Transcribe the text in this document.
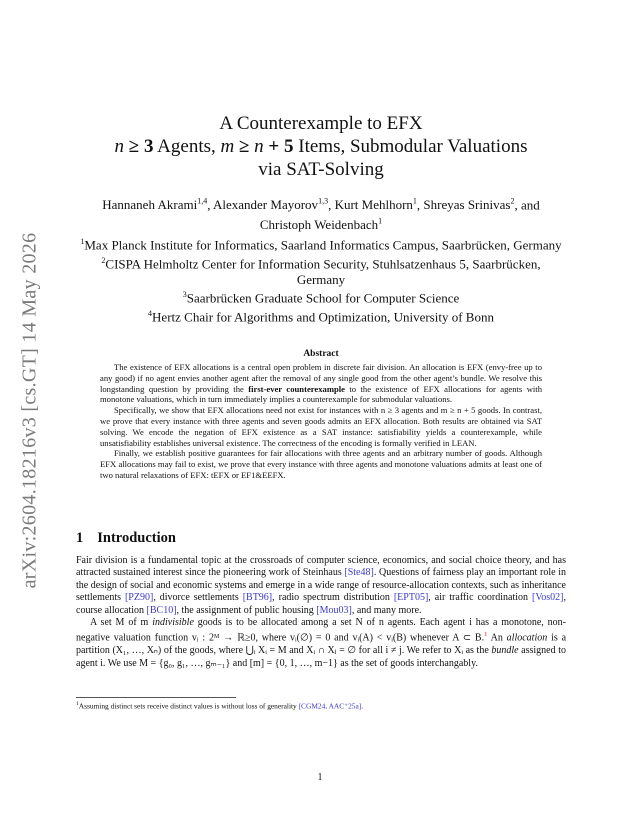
arXiv:2604.18216v3 [cs.GT] 14 May 2026
A Counterexample to EFX
n ≥ 3 Agents, m ≥ n + 5 Items, Submodular Valuations
via SAT-Solving
Hannaneh Akrami$^{1,4}$, Alexander Mayorov$^{1,3}$, Kurt Mehlhorn$^1$, Shreyas Srinivas$^2$, and
Christoph Weidenbach$^1$
$^1$Max Planck Institute for Informatics, Saarland Informatics Campus, Saarbrücken, Germany
$^2$CISPA Helmholtz Center for Information Security, Stuhlsatzenhaus 5, Saarbrücken, Germany
$^3$Saarbrücken Graduate School for Computer Science
$^4$Hertz Chair for Algorithms and Optimization, University of Bonn
Abstract

The existence of EFX allocations is a central open problem in discrete fair division. An allocation is EFX (envy-free up to any good) if no agent envies another agent after the removal of any single good from the other agent’s bundle. We resolve this longstanding question by providing the first-ever counterexample to the existence of EFX allocations for agents with monotone valuations, which in turn immediately implies a counterexample for submodular valuations.

Specifically, we show that EFX allocations need not exist for instances with n ≥ 3 agents and m ≥ n + 5 goods. In contrast, we prove that every instance with three agents and seven goods admits an EFX allocation. Both results are obtained via SAT solving. We encode the negation of EFX existence as a SAT instance: satisfiability yields a counterexample, while unsatisfiability establishes universal existence. The correctness of the encoding is formally verified in LEAN.

Finally, we establish positive guarantees for fair allocations with three agents and an arbitrary number of goods. Although EFX allocations may fail to exist, we prove that every instance with three agents and monotone valuations admits at least one of two natural relaxations of EFX: tEFX or EF1&EEFX.

1 Introduction

Fair division is a fundamental topic at the crossroads of computer science, economics, and social choice theory, and has attracted sustained interest since the pioneering work of Steinhaus [Ste48]. Questions of fairness play an important role in the design of social and economic systems and emerge in a wide range of resource-allocation contexts, such as inheritance settlements [PZ90], divorce settlements [BT96], radio spectrum distribution [EPT05], air traffic coordination [Vos02], course allocation [BC10], the assignment of public housing [Mou03], and many more.

A set M of m indivisible goods is to be allocated among a set N of n agents. Each agent i has a monotone, non-negative valuation function vᵢ : 2ᴹ → ℝ≥0, where vᵢ(∅) = 0 and vᵢ(A) < vᵢ(B) whenever A ⊂ B.$^1$ An allocation is a partition (X₁, …, Xₙ) of the goods, where ⋃ᵢ Xᵢ = M and Xᵢ ∩ Xⱼ = ∅ for all i ≠ j. We refer to Xᵢ as the bundle assigned to agent i. We use M = {g₀, g₁, …, gₘ₋₁} and [m] = {0, 1, …, m−1} as the set of goods interchangably.

$^1$Assuming distinct sets receive distinct values is without loss of generality [CGM24, AAC⁺25a].
1
